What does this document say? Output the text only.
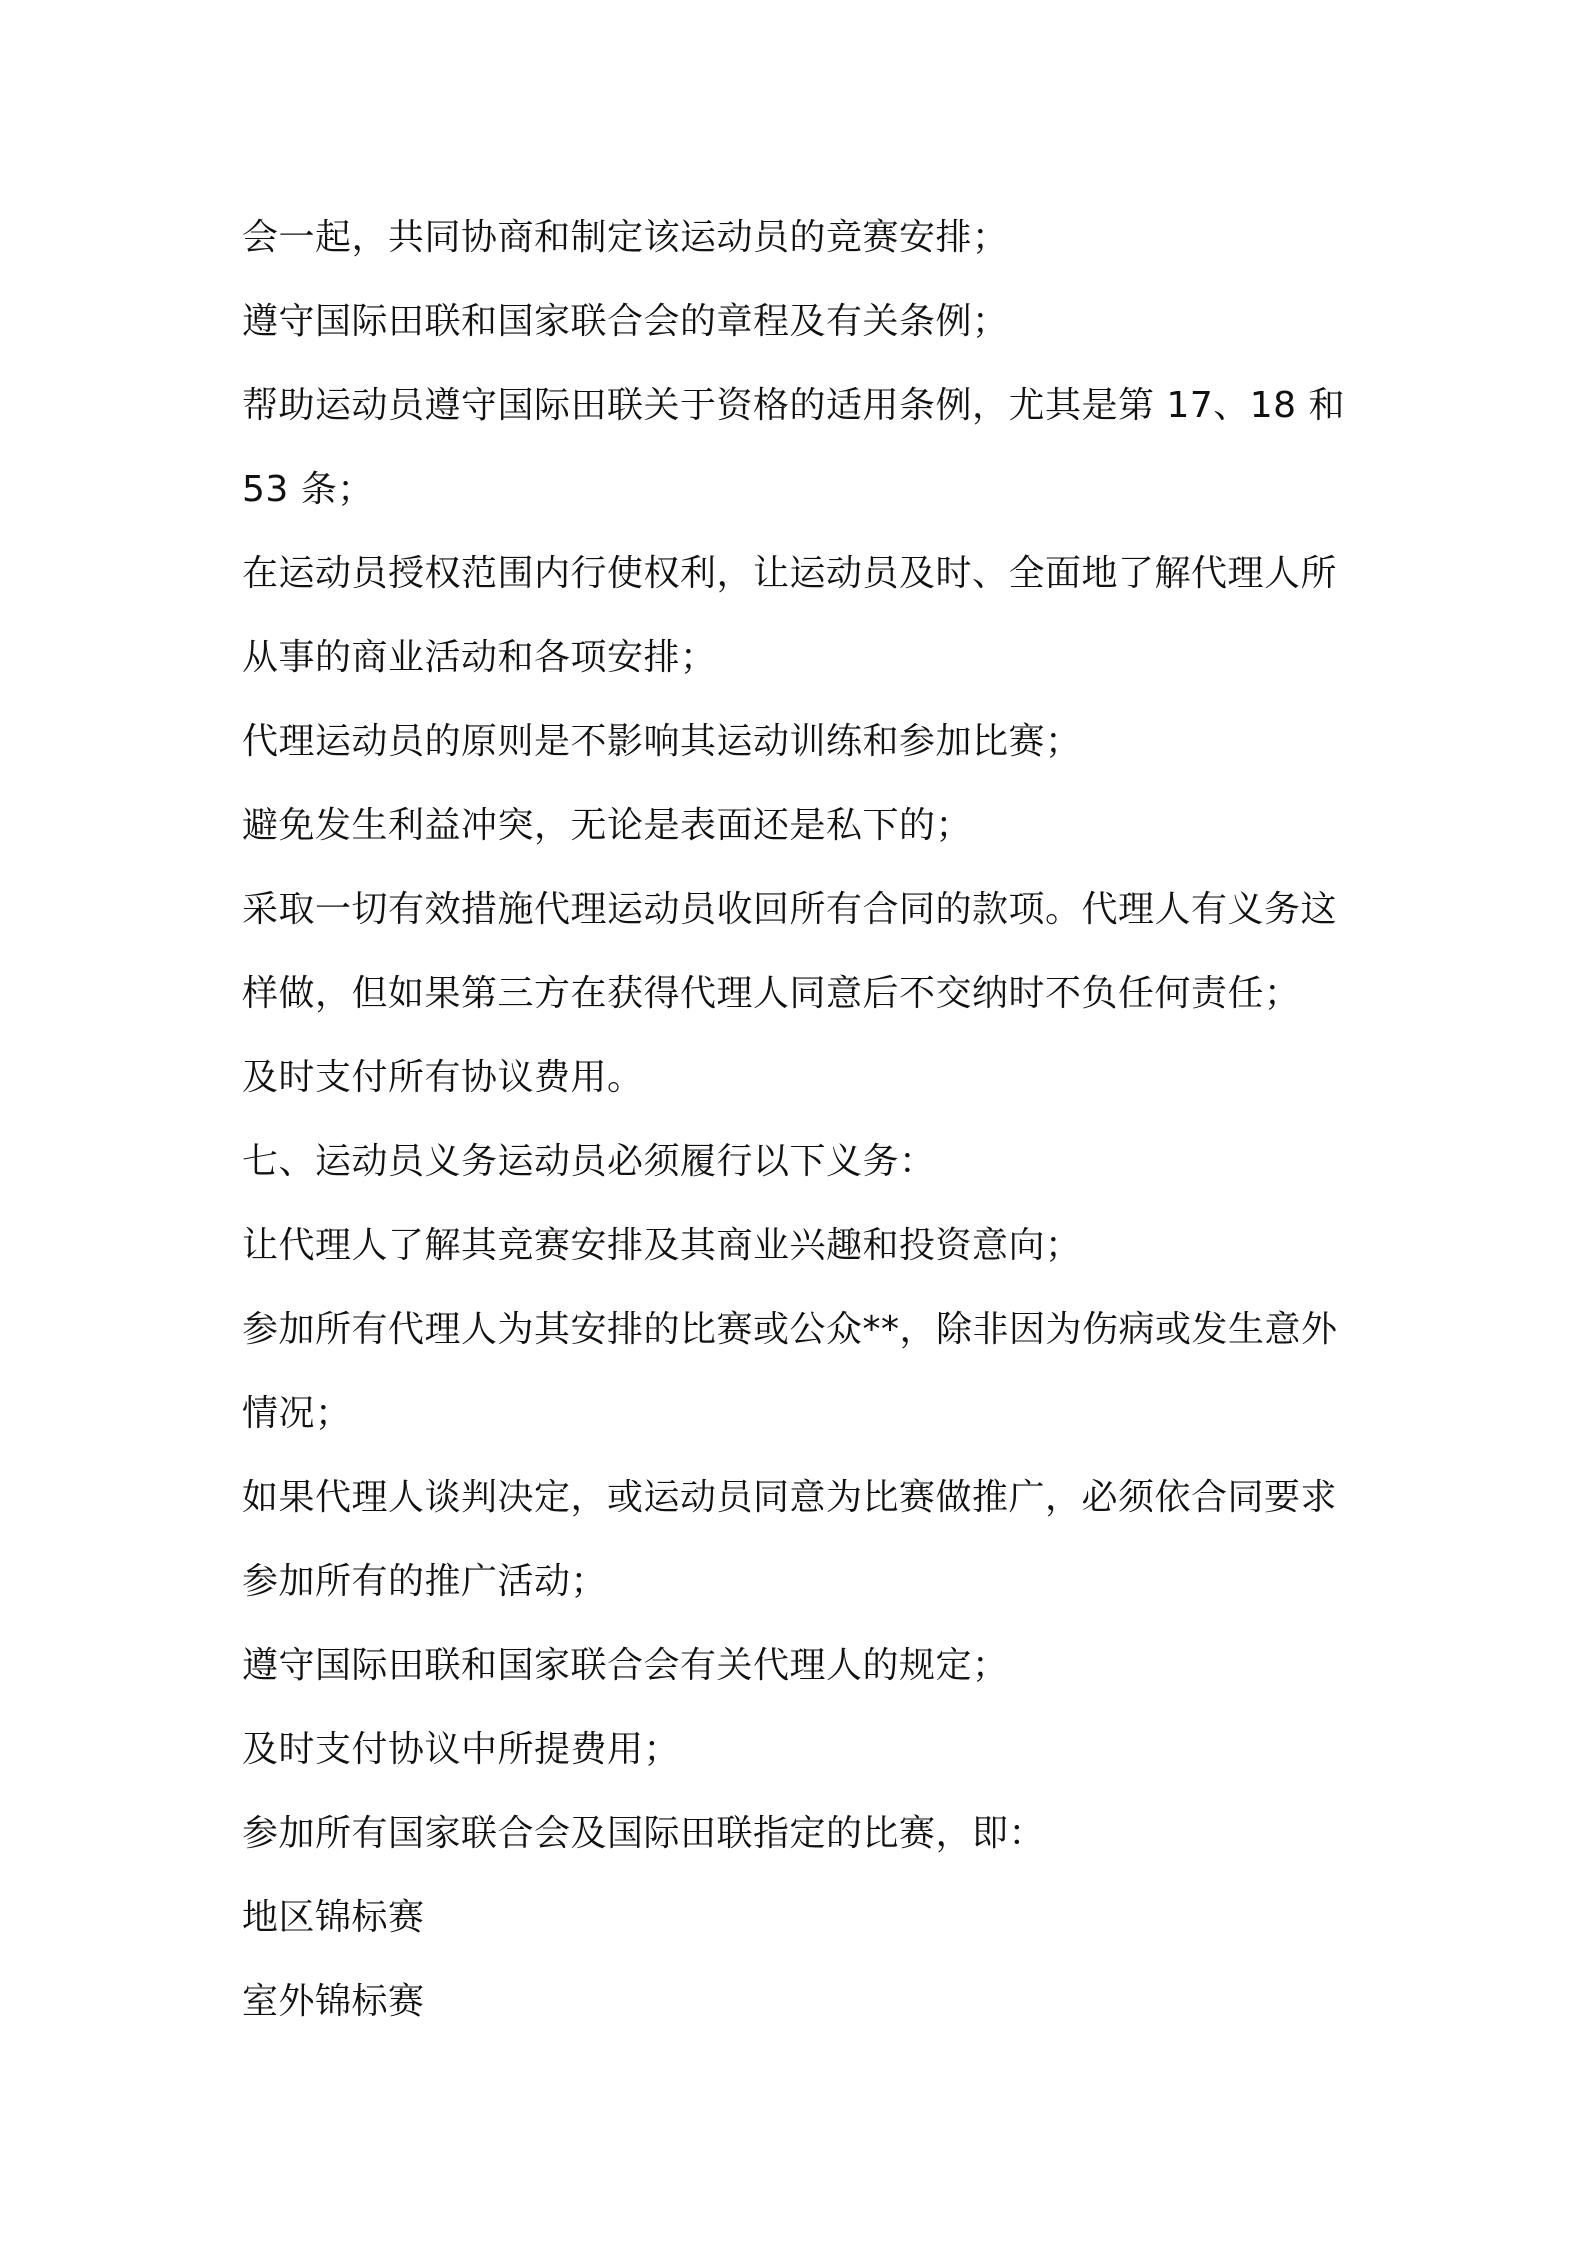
会一起，共同协商和制定该运动员的竞赛安排；
遵守国际田联和国家联合会的章程及有关条例；
帮助运动员遵守国际田联关于资格的适用条例，尤其是第 17、18 和
53 条；
在运动员授权范围内行使权利，让运动员及时、全面地了解代理人所
从事的商业活动和各项安排；
代理运动员的原则是不影响其运动训练和参加比赛；
避免发生利益冲突，无论是表面还是私下的；
采取一切有效措施代理运动员收回所有合同的款项。代理人有义务这
样做，但如果第三方在获得代理人同意后不交纳时不负任何责任；
及时支付所有协议费用。
七、运动员义务运动员必须履行以下义务：
让代理人了解其竞赛安排及其商业兴趣和投资意向；
参加所有代理人为其安排的比赛或公众**，除非因为伤病或发生意外
情况；
如果代理人谈判决定，或运动员同意为比赛做推广，必须依合同要求
参加所有的推广活动；
遵守国际田联和国家联合会有关代理人的规定；
及时支付协议中所提费用；
参加所有国家联合会及国际田联指定的比赛，即：
地区锦标赛
室外锦标赛
